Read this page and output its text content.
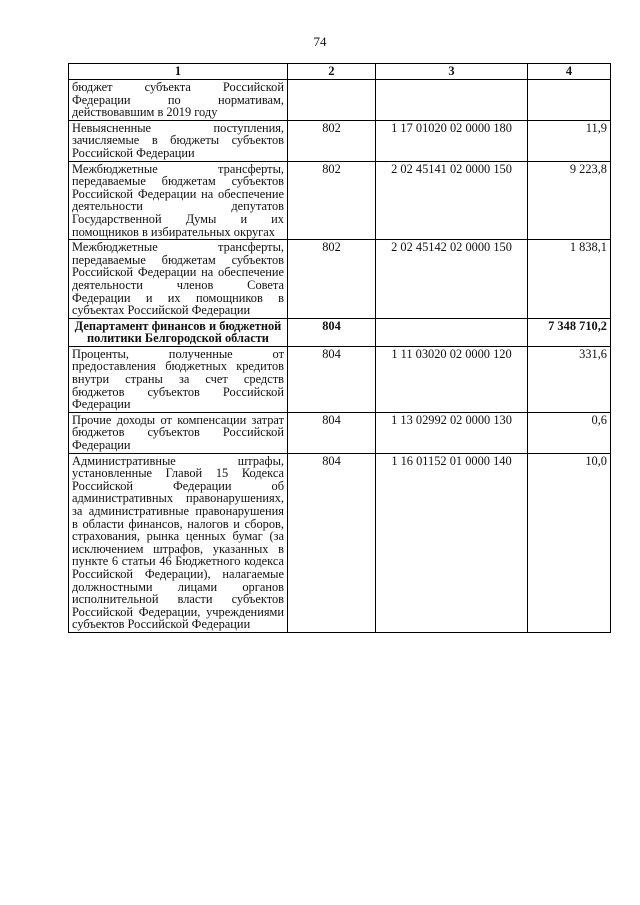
74
1	2	3	4
бюджет субъекта Российской Федерации по нормативам, действовавшим в 2019 году			
Невыясненные поступления, зачисляемые в бюджеты субъектов Российской Федерации	802	1 17 01020 02 0000 180	11,9
Межбюджетные трансферты, передаваемые бюджетам субъектов Российской Федерации на обеспечение деятельности депутатов Государственной Думы и их помощников в избирательных округах	802	2 02 45141 02 0000 150	9 223,8
Межбюджетные трансферты, передаваемые бюджетам субъектов Российской Федерации на обеспечение деятельности членов Совета Федерации и их помощников в субъектах Российской Федерации	802	2 02 45142 02 0000 150	1 838,1
Департамент финансов и бюджетной политики Белгородской области	804		7 348 710,2
Проценты, полученные от предоставления бюджетных кредитов внутри страны за счет средств бюджетов субъектов Российской Федерации	804	1 11 03020 02 0000 120	331,6
Прочие доходы от компенсации затрат бюджетов субъектов Российской Федерации	804	1 13 02992 02 0000 130	0,6
Административные штрафы, установленные Главой 15 Кодекса Российской Федерации об административных правонарушениях, за административные правонарушения в области финансов, налогов и сборов, страхования, рынка ценных бумаг (за исключением штрафов, указанных в пункте 6 статьи 46 Бюджетного кодекса Российской Федерации), налагаемые должностными лицами органов исполнительной власти субъектов Российской Федерации, учреждениями субъектов Российской Федерации	804	1 16 01152 01 0000 140	10,0
